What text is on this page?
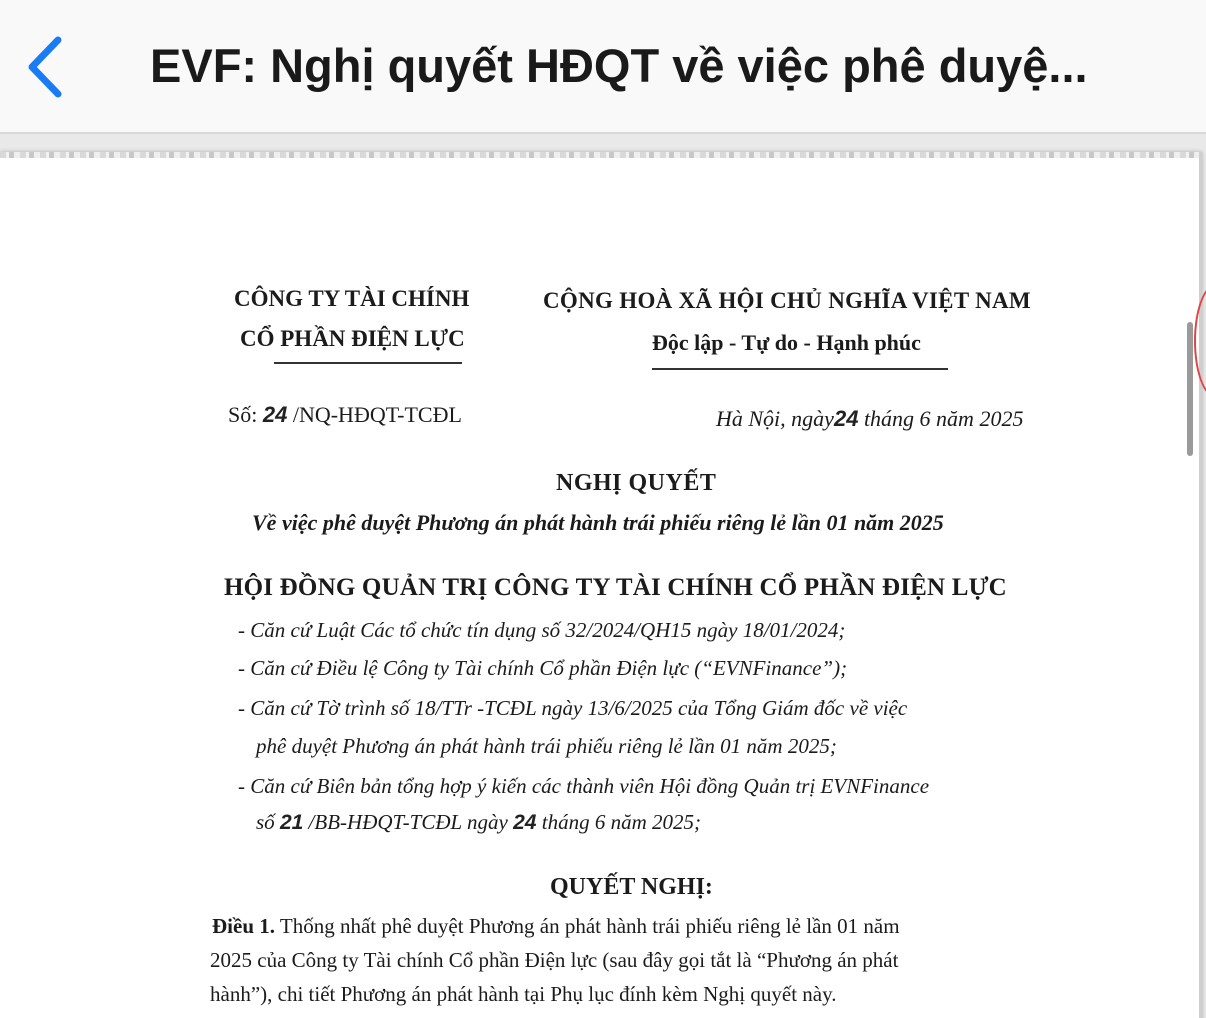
EVF: Nghị quyết HĐQT về việc phê duyệ...
CÔNG TY TÀI CHÍNH
CỔ PHẦN ĐIỆN LỰC
CỘNG HOÀ XÃ HỘI CHỦ NGHĨA VIỆT NAM
Độc lập - Tự do - Hạnh phúc
Số: 24 /NQ-HĐQT-TCĐL	Hà Nội, ngày24 tháng 6 năm 2025
NGHỊ QUYẾT
Về việc phê duyệt Phương án phát hành trái phiếu riêng lẻ lần 01 năm 2025
HỘI ĐỒNG QUẢN TRỊ CÔNG TY TÀI CHÍNH CỔ PHẦN ĐIỆN LỰC
- Căn cứ Luật Các tổ chức tín dụng số 32/2024/QH15 ngày 18/01/2024;
- Căn cứ Điều lệ Công ty Tài chính Cổ phần Điện lực (“EVNFinance”);
- Căn cứ Tờ trình số 18/TTr -TCĐL ngày 13/6/2025 của Tổng Giám đốc về việc
phê duyệt Phương án phát hành trái phiếu riêng lẻ lần 01 năm 2025;
- Căn cứ Biên bản tổng hợp ý kiến các thành viên Hội đồng Quản trị EVNFinance
số 21 /BB-HĐQT-TCĐL ngày 24 tháng 6 năm 2025;
QUYẾT NGHỊ:
Điều 1. Thống nhất phê duyệt Phương án phát hành trái phiếu riêng lẻ lần 01 năm
2025 của Công ty Tài chính Cổ phần Điện lực (sau đây gọi tắt là “Phương án phát
hành”), chi tiết Phương án phát hành tại Phụ lục đính kèm Nghị quyết này.
